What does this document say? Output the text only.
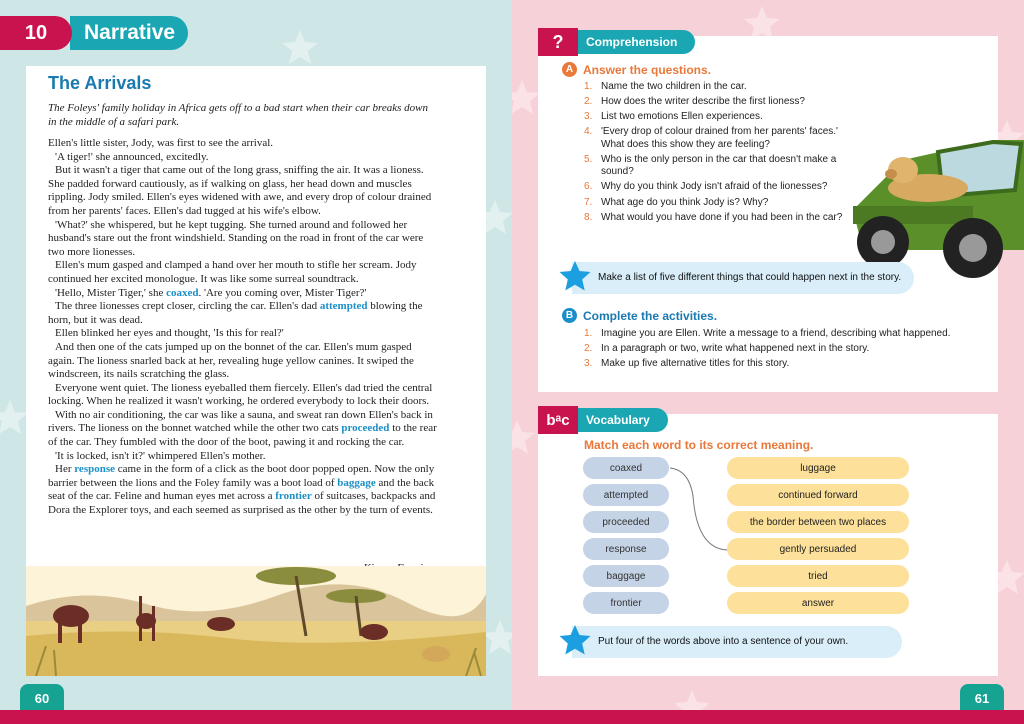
Narrative
10
The Arrivals
The Foleys' family holiday in Africa gets off to a bad start when their car breaks down in the middle of a safari park.

Ellen's little sister, Jody, was first to see the arrival.

'A tiger!' she announced, excitedly.

But it wasn't a tiger that came out of the long grass, sniffing the air. It was a lioness. She padded forward cautiously, as if walking on glass, her head down and muscles rippling. Jody smiled. Ellen's eyes widened with awe, and every drop of colour drained from her parents' faces. Ellen's dad tugged at his wife's elbow.

'What?' she whispered, but he kept tugging. She turned around and followed her husband's stare out the front windshield. Standing on the road in front of the car were two more lionesses.

Ellen's mum gasped and clamped a hand over her mouth to stifle her scream. Jody continued her excited monologue. It was like some surreal soundtrack.

'Hello, Mister Tiger,' she coaxed. 'Are you coming over, Mister Tiger?'

The three lionesses crept closer, circling the car. Ellen's dad attempted blowing the horn, but it was dead.

Ellen blinked her eyes and thought, 'Is this for real?'

And then one of the cats jumped up on the bonnet of the car. Ellen's mum gasped again. The lioness snarled back at her, revealing huge yellow canines. It swiped the windscreen, its nails scratching the glass.

Everyone went quiet. The lioness eyeballed them fiercely. Ellen's dad tried the central locking. When he realized it wasn't working, he ordered everybody to lock their doors.

With no air conditioning, the car was like a sauna, and sweat ran down Ellen's back in rivers. The lioness on the bonnet watched while the other two cats proceeded to the rear of the car. They fumbled with the door of the boot, pawing it and rocking the car.

'It is locked, isn't it?' whimpered Ellen's mother.

Her response came in the form of a click as the boot door popped open. Now the only barrier between the lions and the Foley family was a boot load of baggage and the back seat of the car. Feline and human eyes met across a frontier of suitcases, backpacks and Dora the Explorer toys, and each seemed as surprised as the other by the turn of events.

60
?	Comprehension
A Answer the questions.
1. Name the two children in the car.
2. How does the writer describe the first lioness?
3. List two emotions Ellen experiences.
4. 'Every drop of colour drained from her parents' faces.' What does this show they are feeling?
5. Who is the only person in the car that doesn't make a sound?
6. Why do you think Jody isn't afraid of the lionesses?
7. What age do you think Jody is? Why?
8. What would you have done if you had been in the car?
Make a list of five different things that could happen next in the story.
B Complete the activities.
1. Imagine you are Ellen. Write a message to a friend, describing what happened.
2. In a paragraph or two, write what happened next in the story.
3. Make up five alternative titles for this story.
bᵃc	Vocabulary
Match each word to its correct meaning.
coaxed
attempted
proceeded
response
baggage
frontier
luggage
continued forward
the border between two places
gently persuaded
tried
answer
Put four of the words above into a sentence of your own.
61
